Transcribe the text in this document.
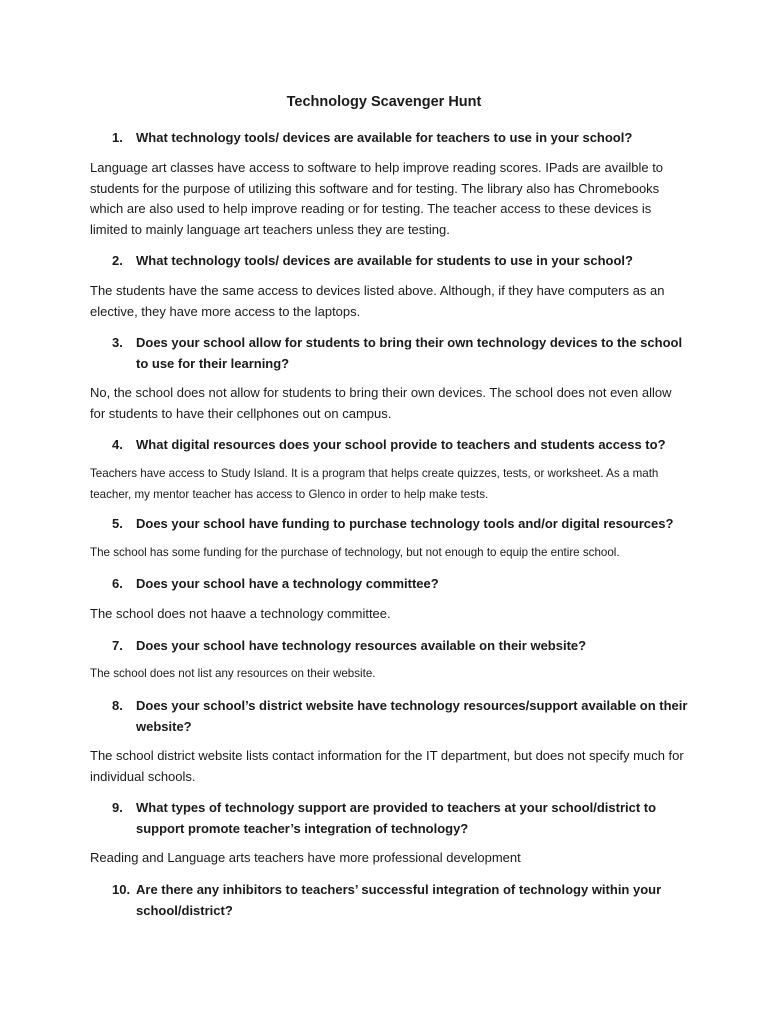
Technology Scavenger Hunt
1.	What technology tools/ devices are available for teachers to use in your school?
Language art classes have access to software to help improve reading scores. IPads are availble to students for the purpose of utilizing this software and for testing. The library also has Chromebooks which are also used to help improve reading or for testing. The teacher access to these devices is limited to mainly language art teachers unless they are testing.
2.	What technology tools/ devices are available for students to use in your school?
The students have the same access to devices listed above. Although, if they have computers as an elective, they have more access to the laptops.
3.	Does your school allow for students to bring their own technology devices to the school to use for their learning?
No, the school does not allow for students to bring their own devices. The school does not even allow for students to have their cellphones out on campus.
4.	What digital resources does your school provide to teachers and students access to?
Teachers have access to Study Island. It is a program that helps create quizzes, tests, or worksheet. As a math teacher, my mentor teacher has access to Glenco in order to help make tests.
5.	Does your school have funding to purchase technology tools and/or digital resources?
The school has some funding for the purchase of technology, but not enough to equip the entire school.
6.	Does your school have a technology committee?
The school does not haave a technology committee.
7.	Does your school have technology resources available on their website?
The school does not list any resources on their website.
8.	Does your school’s district website have technology resources/support available on their website?
The school district website lists contact information for the IT department, but does not specify much for individual schools.
9.	What types of technology support are provided to teachers at your school/district to support promote teacher’s integration of technology?
Reading and Language arts teachers have more professional development
10. Are there any inhibitors to teachers’ successful integration of technology within your school/district?
